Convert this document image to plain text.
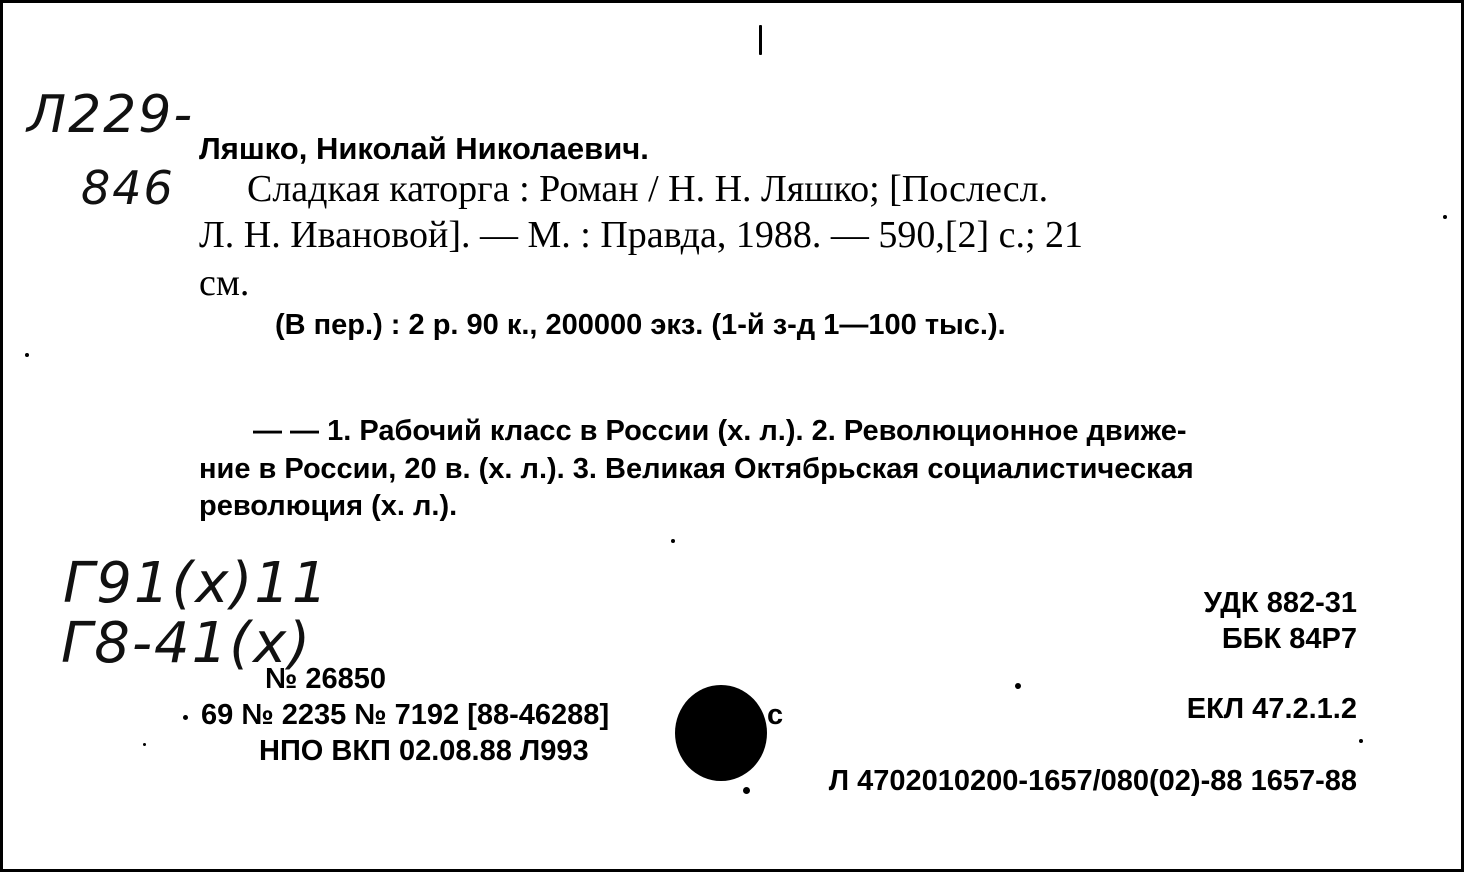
Л229-
846
Г91(x)11
Г8-41(x)
Ляшко, Николай Николаевич.
Сладкая каторга : Роман / Н. Н. Ляшко; [Послесл.
Л. Н. Ивановой]. — М. : Правда, 1988. — 590,[2] с.; 21
см.
(В пер.) : 2 р. 90 к., 200000 экз. (1-й з-д 1—100 тыс.).
— — 1. Рабочий класс в России (х. л.). 2. Революционное движе-
ние в России, 20 в. (х. л.). 3. Великая Октябрьская социалистическая
революция (х. л.).
УДК 882-31
ББК 84Р7
ЕКЛ 47.2.1.2
Л 4702010200-1657/080(02)-88 1657-88
№ 26850
69 № 2235 № 7192 [88-46288]	с
НПО ВКП 02.08.88 Л993
